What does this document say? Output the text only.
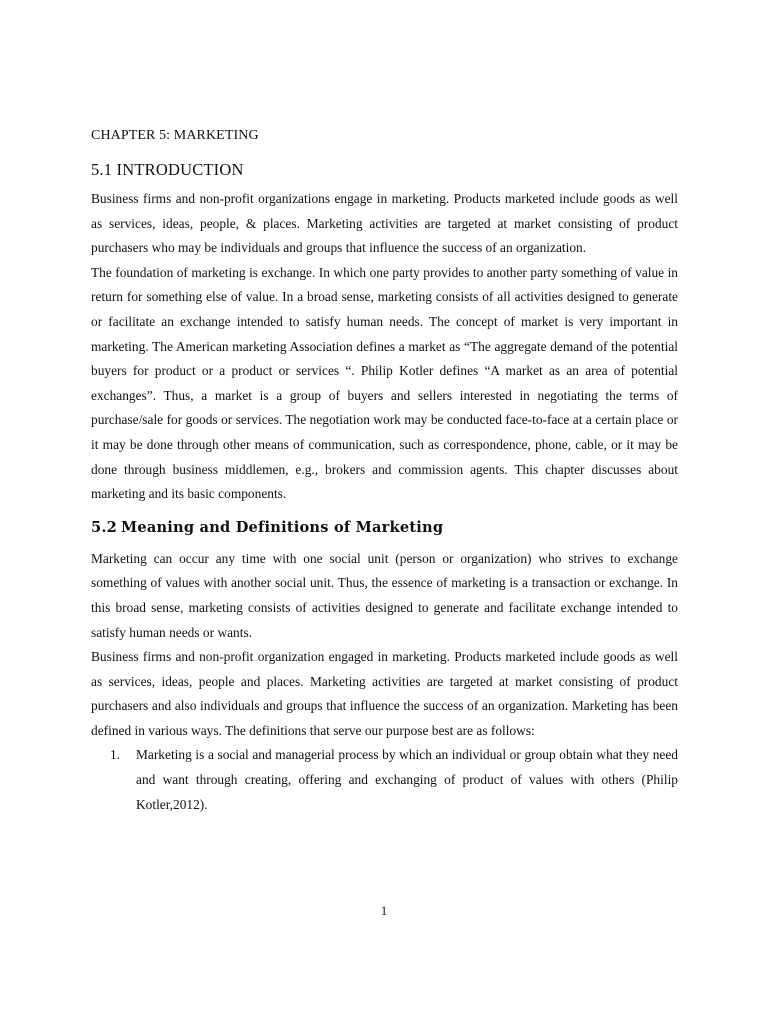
CHAPTER 5: MARKETING
5.1 INTRODUCTION

Business firms and non-profit organizations engage in marketing. Products marketed include goods as well as services, ideas, people, & places. Marketing activities are targeted at market consisting of product purchasers who may be individuals and groups that influence the success of an organization.

The foundation of marketing is exchange. In which one party provides to another party something of value in return for something else of value. In a broad sense, marketing consists of all activities designed to generate or facilitate an exchange intended to satisfy human needs. The concept of market is very important in marketing. The American marketing Association defines a market as “The aggregate demand of the potential buyers for product or a product or services “. Philip Kotler defines “A market as an area of potential exchanges”. Thus, a market is a group of buyers and sellers interested in negotiating the terms of purchase/sale for goods or services. The negotiation work may be conducted face-to-face at a certain place or it may be done through other means of communication, such as correspondence, phone, cable, or it may be done through business middlemen, e.g., brokers and commission agents. This chapter discusses about marketing and its basic components.

5.2 Meaning and Definitions of Marketing

Marketing can occur any time with one social unit (person or organization) who strives to exchange something of values with another social unit. Thus, the essence of marketing is a transaction or exchange. In this broad sense, marketing consists of activities designed to generate and facilitate exchange intended to satisfy human needs or wants.

Business firms and non-profit organization engaged in marketing. Products marketed include goods as well as services, ideas, people and places. Marketing activities are targeted at market consisting of product purchasers and also individuals and groups that influence the success of an organization. Marketing has been defined in various ways. The definitions that serve our purpose best are as follows:

1. Marketing is a social and managerial process by which an individual or group obtain what they need and want through creating, offering and exchanging of product of values with others (Philip Kotler,2012).
1
